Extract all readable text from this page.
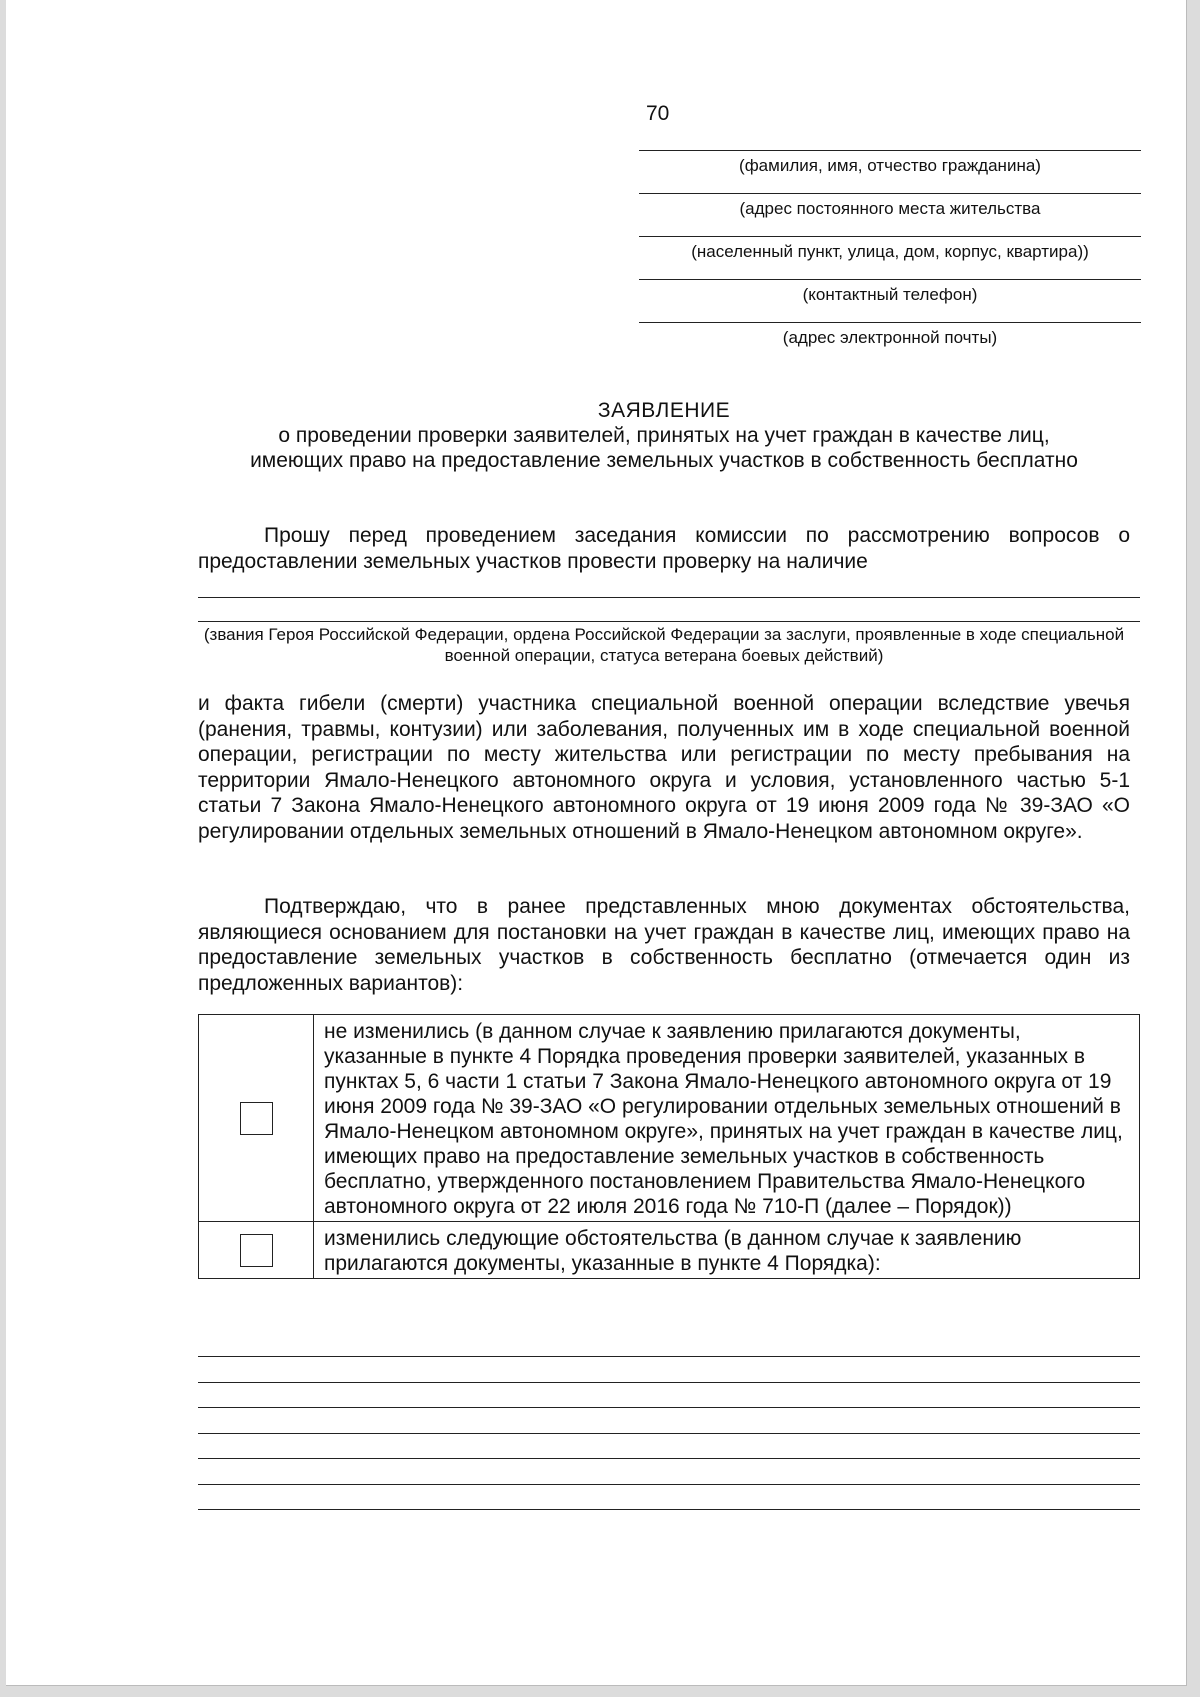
70
(фамилия, имя, отчество гражданина)
(адрес постоянного места жительства
(населенный пункт, улица, дом, корпус, квартира))
(контактный телефон)
(адрес электронной почты)
ЗАЯВЛЕНИЕ
о проведении проверки заявителей, принятых на учет граждан в качестве лиц,
имеющих право на предоставление земельных участков в собственность бесплатно
Прошу перед проведением заседания комиссии по рассмотрению вопросов о предоставлении земельных участков провести проверку на наличие
(звания Героя Российской Федерации, ордена Российской Федерации за заслуги, проявленные в ходе специальной военной операции, статуса ветерана боевых действий)
и факта гибели (смерти) участника специальной военной операции вследствие увечья (ранения, травмы, контузии) или заболевания, полученных им в ходе специальной военной операции, регистрации по месту жительства или регистрации по месту пребывания на территории Ямало-Ненецкого автономного округа и условия, установленного частью 5-1 статьи 7 Закона Ямало-Ненецкого автономного округа от 19 июня 2009 года № 39-ЗАО «О регулировании отдельных земельных отношений в Ямало-Ненецком автономном округе».
Подтверждаю, что в ранее представленных мною документах обстоятельства, являющиеся основанием для постановки на учет граждан в качестве лиц, имеющих право на предоставление земельных участков в собственность бесплатно (отмечается один из предложенных вариантов):
	не изменились (в данном случае к заявлению прилагаются документы, указанные в пункте 4 Порядка проведения проверки заявителей, указанных в пунктах 5, 6 части 1 статьи 7 Закона Ямало-Ненецкого автономного округа от 19 июня 2009 года № 39-ЗАО «О регулировании отдельных земельных отношений в Ямало-Ненецком автономном округе», принятых на учет граждан в качестве лиц, имеющих право на предоставление земельных участков в собственность бесплатно, утвержденного постановлением Правительства Ямало-Ненецкого автономного округа от 22 июля 2016 года № 710-П (далее – Порядок))
	изменились следующие обстоятельства (в данном случае к заявлению прилагаются документы, указанные в пункте 4 Порядка):
